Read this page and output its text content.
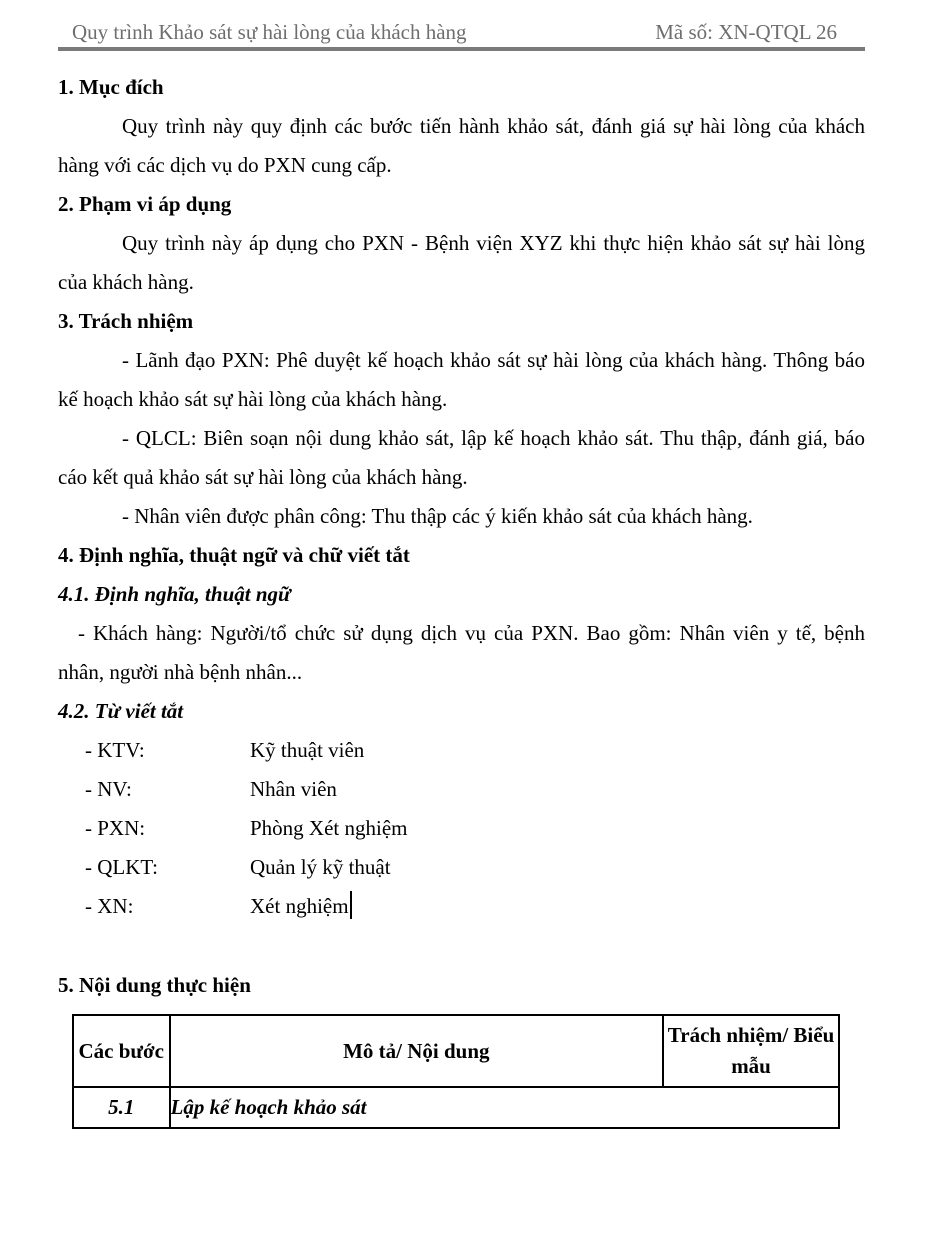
Quy trình Khảo sát sự hài lòng của khách hàng	Mã số: XN-QTQL 26

1. Mục đích

Quy trình này quy định các bước tiến hành khảo sát, đánh giá sự hài lòng của khách hàng với các dịch vụ do PXN cung cấp.

2. Phạm vi áp dụng

Quy trình này áp dụng cho PXN - Bệnh viện XYZ khi thực hiện khảo sát sự hài lòng của khách hàng.

3. Trách nhiệm

- Lãnh đạo PXN: Phê duyệt kế hoạch khảo sát sự hài lòng của khách hàng. Thông báo kế hoạch khảo sát sự hài lòng của khách hàng.

- QLCL: Biên soạn nội dung khảo sát, lập kế hoạch khảo sát. Thu thập, đánh giá, báo cáo kết quả khảo sát sự hài lòng của khách hàng.

- Nhân viên được phân công: Thu thập các ý kiến khảo sát của khách hàng.

4. Định nghĩa, thuật ngữ và chữ viết tắt

4.1. Định nghĩa, thuật ngữ

- Khách hàng: Người/tổ chức sử dụng dịch vụ của PXN. Bao gồm: Nhân viên y tế, bệnh nhân, người nhà bệnh nhân...

4.2. Từ viết tắt

- KTV:	Kỹ thuật viên
- NV:	Nhân viên
- PXN:	Phòng Xét nghiệm
- QLKT:	Quản lý kỹ thuật
- XN:	Xét nghiệm

5. Nội dung thực hiện

Các bước	Mô tả/ Nội dung	Trách nhiệm/ Biểu mẫu
5.1	Lập kế hoạch khảo sát	
